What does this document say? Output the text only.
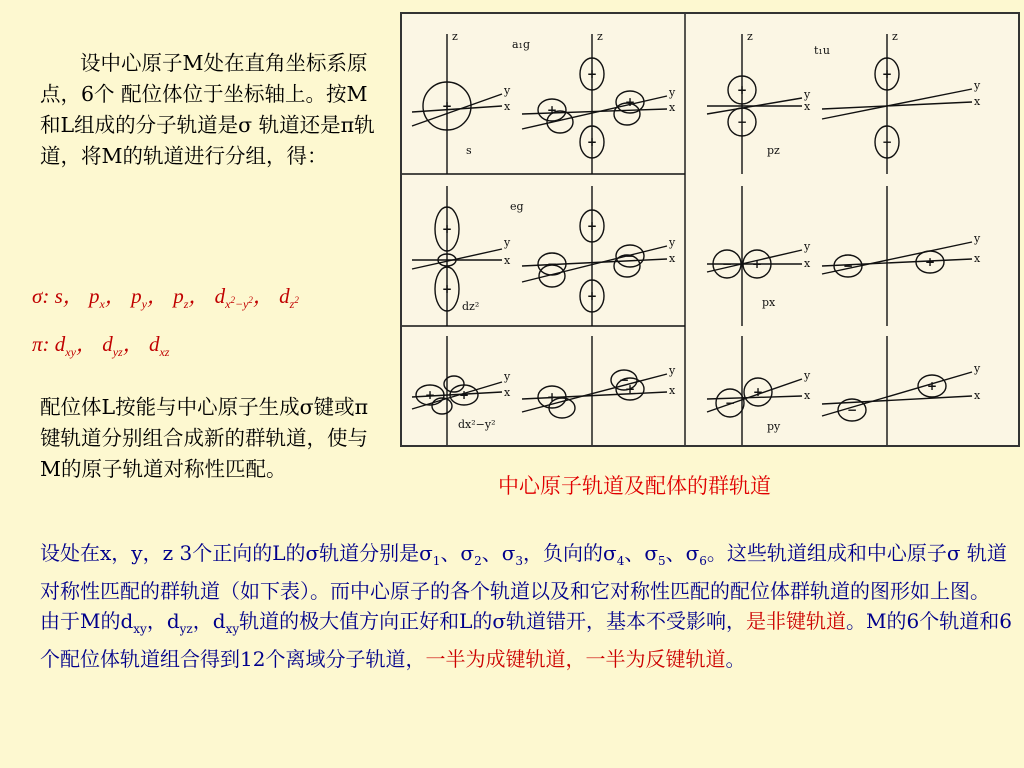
设中心原子M处在直角坐标系原点，6个 配位体位于坐标轴上。按M和L组成的分子轨道是σ 轨道还是π轨道，将M的轨道进行分组，得：
σ: s， $p_x$， $p_y$， $p_z$， $d_{x^2-y^2}$， $d_{z^2}$
π: $d_{xy}$， $d_{yz}$， $d_{xz}$
配位体L按能与中心原子生成σ键或π键轨道分别组合成新的群轨道，使与M的原子轨道对称性匹配。
z	z	z	z
y
x
y
x
y
x
y
x
y
x
y
x
y
x
y
x
y
x
y
x
y
x
y
x
a₁g	t₁u
eg
s	pz
px
py
dz²
dx²−y²
+
+
+
+
+
+
−
+
−
+
+
+
+
−
−
− +	−	+
+ +	+
+
−
−
+
−
+
中心原子轨道及配体的群轨道
设处在x，y，z 3个正向的L的σ轨道分别是$\sigma_1$、$\sigma_2$、$\sigma_3$，负向的$\sigma_4$、$\sigma_5$、$\sigma_6$。这些轨道组成和中心原子σ 轨道对称性匹配的群轨道（如下表）。而中心原子的各个轨道以及和它对称性匹配的配位体群轨道的图形如上图。
由于M的$d_{xy}$，$d_{yz}$，$d_{xy}$轨道的极大值方向正好和L的σ轨道错开，基本不受影响，是非键轨道。M的6个轨道和6 个配位体轨道组合得到12个离域分子轨道，一半为成键轨道，一半为反键轨道。
